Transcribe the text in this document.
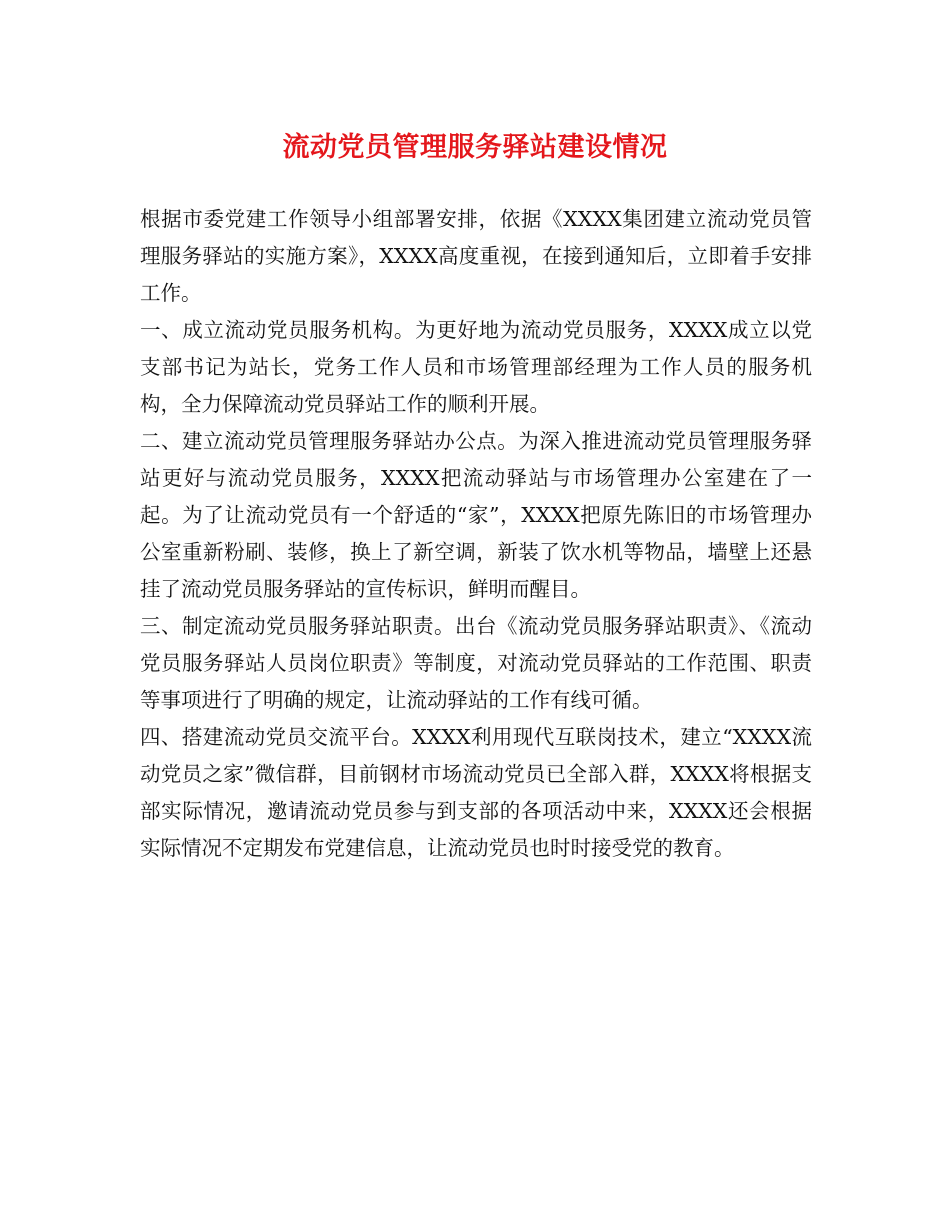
流动党员管理服务驿站建设情况

根据市委党建工作领导小组部署安排，依据《XXXX集团建立流动党员管理服务驿站的实施方案》，XXXX高度重视，在接到通知后，立即着手安排工作。

一、成立流动党员服务机构。为更好地为流动党员服务，XXXX成立以党支部书记为站长，党务工作人员和市场管理部经理为工作人员的服务机构，全力保障流动党员驿站工作的顺利开展。

二、建立流动党员管理服务驿站办公点。为深入推进流动党员管理服务驿站更好与流动党员服务，XXXX把流动驿站与市场管理办公室建在了一起。为了让流动党员有一个舒适的“家”，XXXX把原先陈旧的市场管理办公室重新粉刷、装修，换上了新空调，新装了饮水机等物品，墙壁上还悬挂了流动党员服务驿站的宣传标识，鲜明而醒目。

三、制定流动党员服务驿站职责。出台《流动党员服务驿站职责》、《流动党员服务驿站人员岗位职责》等制度，对流动党员驿站的工作范围、职责等事项进行了明确的规定，让流动驿站的工作有线可循。

四、搭建流动党员交流平台。XXXX利用现代互联岗技术，建立“XXXX流动党员之家”微信群，目前钢材市场流动党员已全部入群，XXXX将根据支部实际情况，邀请流动党员参与到支部的各项活动中来，XXXX还会根据实际情况不定期发布党建信息，让流动党员也时时接受党的教育。
